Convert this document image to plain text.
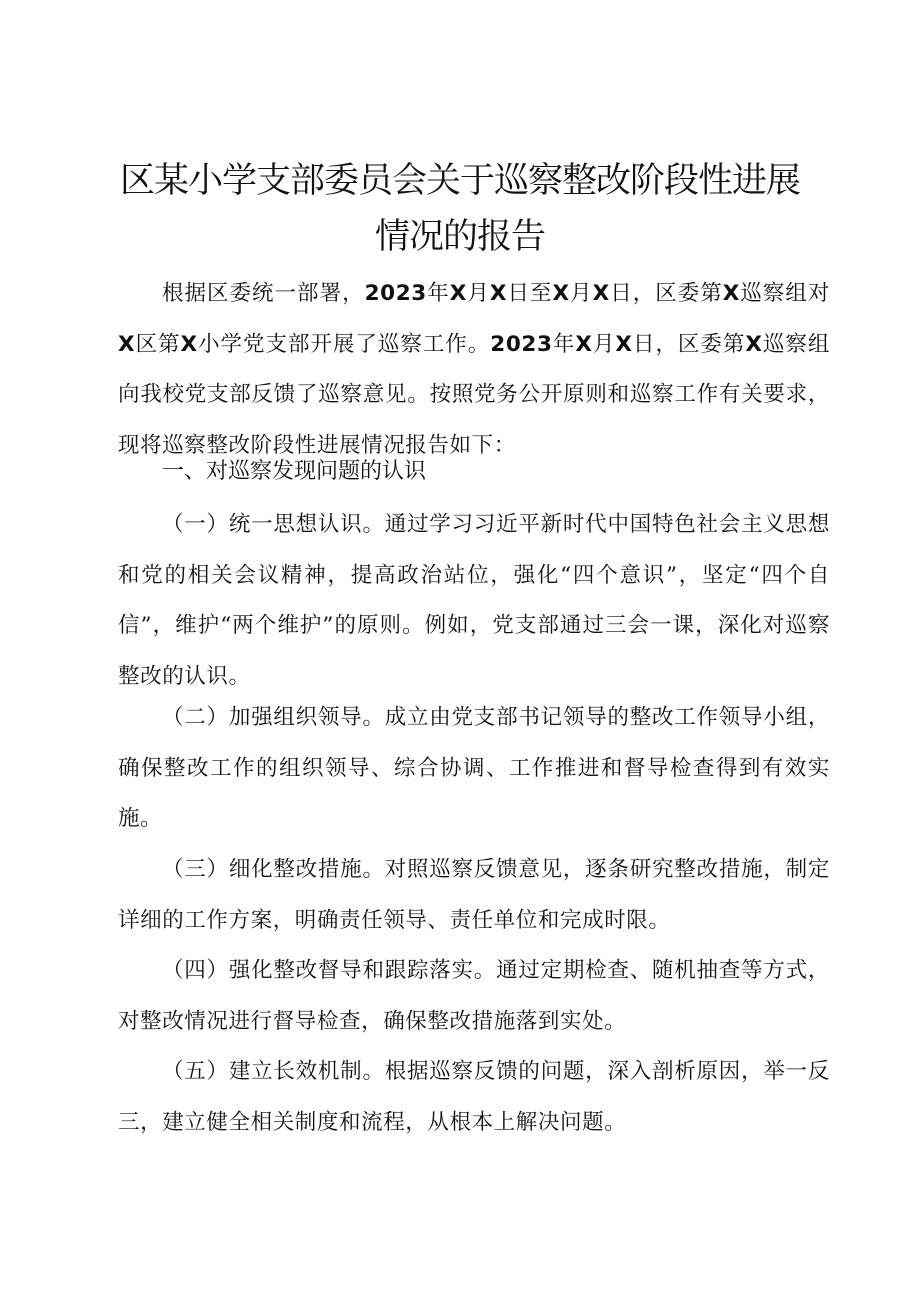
区某小学支部委员会关于巡察整改阶段性进展
情况的报告

根据区委统一部署，2023年X月X日至X月X日，区委第X巡察组对X区第X小学党支部开展了巡察工作。2023年X月X日，区委第X巡察组向我校党支部反馈了巡察意见。按照党务公开原则和巡察工作有关要求，现将巡察整改阶段性进展情况报告如下：

一、对巡察发现问题的认识

（一）统一思想认识。通过学习习近平新时代中国特色社会主义思想和党的相关会议精神，提高政治站位，强化“四个意识”，坚定“四个自信”，维护“两个维护”的原则。例如，党支部通过三会一课，深化对巡察整改的认识。

（二）加强组织领导。成立由党支部书记领导的整改工作领导小组，确保整改工作的组织领导、综合协调、工作推进和督导检查得到有效实施。

（三）细化整改措施。对照巡察反馈意见，逐条研究整改措施，制定详细的工作方案，明确责任领导、责任单位和完成时限。

（四）强化整改督导和跟踪落实。通过定期检查、随机抽查等方式，对整改情况进行督导检查，确保整改措施落到实处。

（五）建立长效机制。根据巡察反馈的问题，深入剖析原因，举一反三，建立健全相关制度和流程，从根本上解决问题。
